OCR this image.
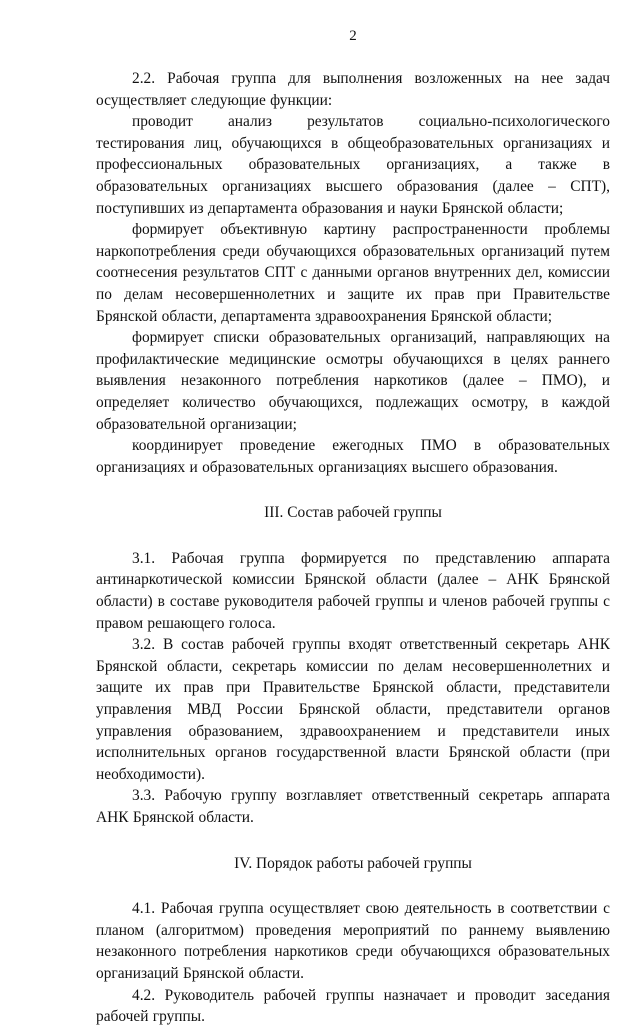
2

2.2. Рабочая группа для выполнения возложенных на нее задач осуществляет следующие функции:

проводит анализ результатов социально-психологического тестирования лиц, обучающихся в общеобразовательных организациях и профессиональных образовательных организациях, а также в образовательных организациях высшего образования (далее – СПТ), поступивших из департамента образования и науки Брянской области;

формирует объективную картину распространенности проблемы наркопотребления среди обучающихся образовательных организаций путем соотнесения результатов СПТ с данными органов внутренних дел, комиссии по делам несовершеннолетних и защите их прав при Правительстве Брянской области, департамента здравоохранения Брянской области;

формирует списки образовательных организаций, направляющих на профилактические медицинские осмотры обучающихся в целях раннего выявления незаконного потребления наркотиков (далее – ПМО), и определяет количество обучающихся, подлежащих осмотру, в каждой образовательной организации;

координирует проведение ежегодных ПМО в образовательных организациях и образовательных организациях высшего образования.

III. Состав рабочей группы

3.1. Рабочая группа формируется по представлению аппарата антинаркотической комиссии Брянской области (далее – АНК Брянской области) в составе руководителя рабочей группы и членов рабочей группы с правом решающего голоса.

3.2. В состав рабочей группы входят ответственный секретарь АНК Брянской области, секретарь комиссии по делам несовершеннолетних и защите их прав при Правительстве Брянской области, представители управления МВД России Брянской области, представители органов управления образованием, здравоохранением и представители иных исполнительных органов государственной власти Брянской области (при необходимости).

3.3. Рабочую группу возглавляет ответственный секретарь аппарата АНК Брянской области.

IV. Порядок работы рабочей группы

4.1. Рабочая группа осуществляет свою деятельность в соответствии с планом (алгоритмом) проведения мероприятий по раннему выявлению незаконного потребления наркотиков среди обучающихся образовательных организаций Брянской области.

4.2. Руководитель рабочей группы назначает и проводит заседания рабочей группы.
